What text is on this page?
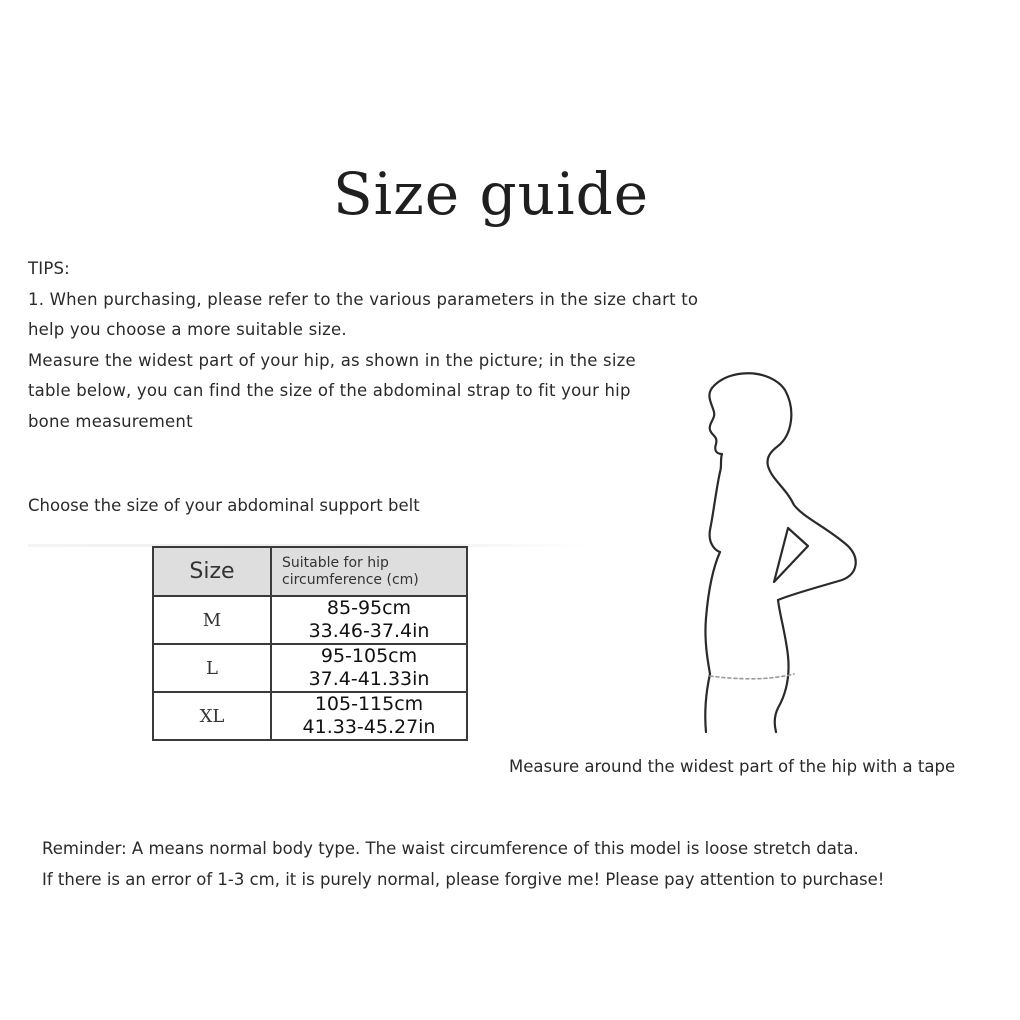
Size guide
TIPS:
1. When purchasing, please refer to the various parameters in the size chart to
help you choose a more suitable size.
Measure the widest part of your hip, as shown in the picture; in the size
table below, you can find the size of the abdominal strap to fit your hip
bone measurement
Choose the size of your abdominal support belt
Size	Suitable for hip
circumference (cm)

M	85-95cm
33.46-37.4in

L	95-105cm
37.4-41.33in

XL	105-115cm
41.33-45.27in
Measure around the widest part of the hip with a tape
Reminder: A means normal body type. The waist circumference of this model is loose stretch data.
If there is an error of 1-3 cm, it is purely normal, please forgive me! Please pay attention to purchase!
